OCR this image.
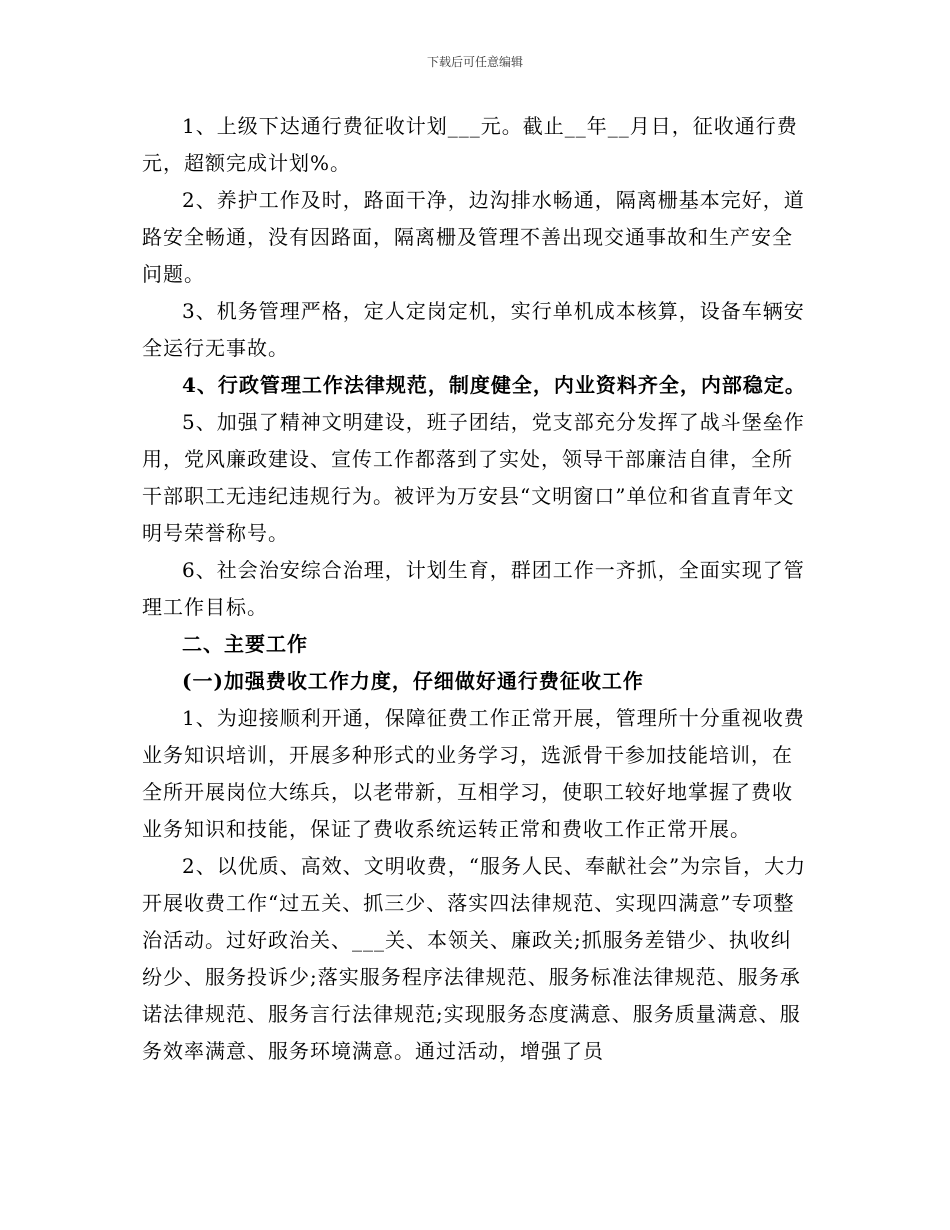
下载后可任意编辑

1、上级下达通行费征收计划___元。截止__年__月日，征收通行费元，超额完成计划%。

2、养护工作及时，路面干净，边沟排水畅通，隔离栅基本完好，道路安全畅通，没有因路面，隔离栅及管理不善出现交通事故和生产安全问题。

3、机务管理严格，定人定岗定机，实行单机成本核算，设备车辆安全运行无事故。

4、行政管理工作法律规范，制度健全，内业资料齐全，内部稳定。

5、加强了精神文明建设，班子团结，党支部充分发挥了战斗堡垒作用，党风廉政建设、宣传工作都落到了实处，领导干部廉洁自律，全所干部职工无违纪违规行为。被评为万安县“文明窗口”单位和省直青年文明号荣誉称号。

6、社会治安综合治理，计划生育，群团工作一齐抓，全面实现了管理工作目标。

二、主要工作

(一)加强费收工作力度，仔细做好通行费征收工作

1、为迎接顺利开通，保障征费工作正常开展，管理所十分重视收费业务知识培训，开展多种形式的业务学习，选派骨干参加技能培训，在全所开展岗位大练兵，以老带新，互相学习，使职工较好地掌握了费收业务知识和技能，保证了费收系统运转正常和费收工作正常开展。

2、以优质、高效、文明收费，“服务人民、奉献社会”为宗旨，大力开展收费工作“过五关、抓三少、落实四法律规范、实现四满意”专项整治活动。过好政治关、___关、本领关、廉政关;抓服务差错少、执收纠纷少、服务投诉少;落实服务程序法律规范、服务标准法律规范、服务承诺法律规范、服务言行法律规范;实现服务态度满意、服务质量满意、服务效率满意、服务环境满意。通过活动，增强了员
